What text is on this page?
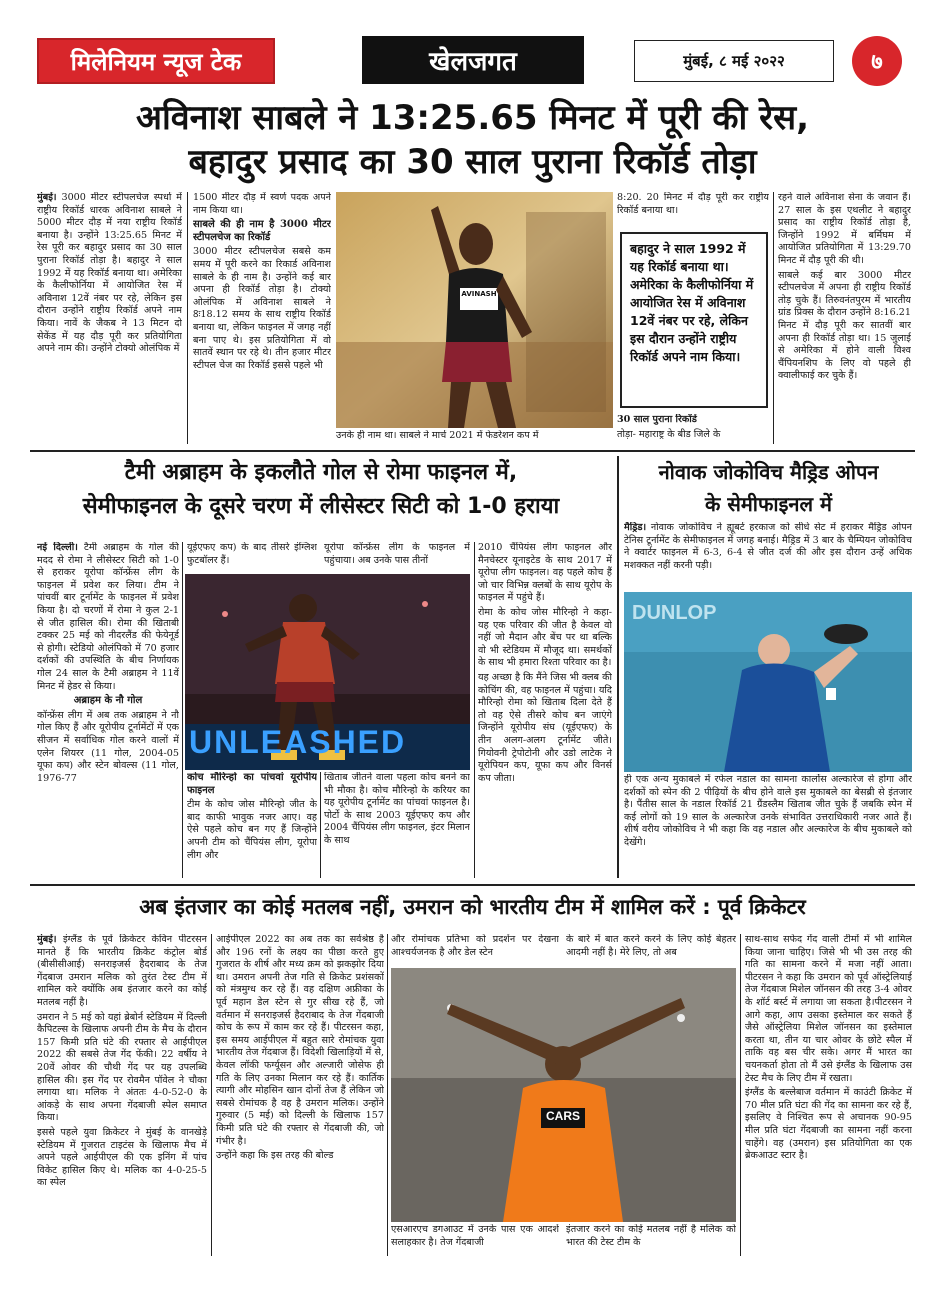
मिलेनियम न्यूज टेक	खेलजगत	मुंबई, ८ मई २०२२	७
अविनाश साबले ने 13:25.65 मिनट में पूरी की रेस,
बहादुर प्रसाद का 30 साल पुराना रिकॉर्ड तोड़ा

मुंबई। 3000 मीटर स्टीपलचेज स्पर्धा में राष्ट्रीय रिकॉर्ड धारक अविनाश साबले ने 5000 मीटर दौड़ में नया राष्ट्रीय रिकॉर्ड बनाया है। उन्होंने 13:25.65 मिनट में रेस पूरी कर बहादुर प्रसाद का 30 साल पुराना रिकॉर्ड तोड़ा है। बहादुर ने साल 1992 में यह रिकॉर्ड बनाया था। अमेरिका के कैलीफोर्निया में आयोजित रेस में अविनाश 12वें नंबर पर रहे, लेकिन इस दौरान उन्होंने राष्ट्रीय रिकॉर्ड अपने नाम किया। नावें के जैकब ने 13 मिटन दो सेकेंड में यह दौड़ पूरी कर प्रतियोगिता अपने नाम की। उन्होंने टोक्यो ओलंपिक में

1500 मीटर दौड़ में स्वर्ण पदक अपने नाम किया था।

साबले की ही नाम है 3000 मीटर स्टीपलचेज का रिकॉर्ड

3000 मीटर स्टीपलचेज सबसे कम समय में पूरी करने का रिकार्ड अविनाश साबले के ही नाम है। उन्होंने कई बार अपना ही रिकॉर्ड तोड़ा है। टोक्यो ओलंपिक में अविनाश साबले ने 8ः18.12 समय के साथ राष्ट्रीय रिकॉर्ड बनाया था, लेकिन फाइनल में जगह नहीं बना पाए थे। इस प्रतियोगिता में वो सातवें स्थान पर रहे थे। तीन हजार मीटर स्टीपल चेज का रिकॉर्ड इससे पहले भी

AVINASH
उनके ही नाम था। साबले ने मार्च 2021 में फेडरेशन कप में

8:20. 20 मिनट में दौड़ पूरी कर राष्ट्रीय रिकॉर्ड बनाया था।

बहादुर ने साल 1992 में यह रिकॉर्ड बनाया था। अमेरिका के कैलीफोर्निया में आयोजित रेस में अविनाश 12वें नंबर पर रहे, लेकिन इस दौरान उन्होंने राष्ट्रीय रिकॉर्ड अपने नाम किया।

30 साल पुराना रिकॉर्ड

तोड़ा- महाराष्ट्र के बीड जिले के

रहने वाले अविनाश सेना के जवान हैं। 27 साल के इस एथलीट ने बहादुर प्रसाद का राष्ट्रीय रिकॉर्ड तोड़ा है, जिन्होंने 1992 में बर्मिघम में आयोजित प्रतियोगिता में 13:29.70 मिनट में दौड़ पूरी की थी।

साबले कई बार 3000 मीटर स्टीपलचेज में अपना ही राष्ट्रीय रिकॉर्ड तोड़ चुके हैं। तिरुवनंतपुरम में भारतीय ग्रांड प्रिक्स के दौरान उन्होंने 8:16.21 मिनट में दौड़ पूरी कर सातवीं बार अपना ही रिकॉर्ड तोड़ा था। 15 जुलाई से अमेरिका में होने वाली विश्व चैंपियनशिप के लिए वो पहले ही क्वालीफाई कर चुके हैं।

टैमी अब्राहम के इकलौते गोल से रोमा फाइनल में,
सेमीफाइनल के दूसरे चरण में लीसेस्टर सिटी को 1-0 हराया

नई दिल्ली। टैमी अब्राहम के गोल की मदद से रोमा ने लीसेस्टर सिटी को 1-0 से हराकर यूरोपा कॉन्फ्रेंस लीग के फाइनल में प्रवेश कर लिया। टीम ने पांचवीं बार टूर्नामेंट के फाइनल में प्रवेश किया है। दो चरणों में रोमा ने कुल 2-1 से जीत हासिल की। रोमा की खिताबी टक्कर 25 मई को नीदरलैंड की फेयेनूर्ड से होगी। स्टेडियो ओलंपिको में 70 हजार दर्शकों की उपस्थिति के बीच निर्णायक गोल 24 साल के टैमी अब्राहम ने 11वें मिनट में हेडर से किया।

अब्राहम के नौ गोल

कॉन्फ्रेंस लीग में अब तक अब्राहम ने नौ गोल किए हैं और यूरोपीय टूर्नामेंटों में एक सीजन में सर्वाधिक गोल करने वालों में एलेन शियरर (11 गोल, 2004-05 यूफा कप) और स्टेन बोवल्स (11 गोल, 1976-77

यूईएफए कप) के बाद तीसरे इंग्लिश फुटबॉलर हैं।

यूरोपा कॉन्फ्रेंस लीग के फाइनल में पहुंचाया। अब उनके पास तीनों

UNLEASHED

कोच मौरिन्हो का पांचवां यूरोपीय फाइनल

टीम के कोच जोस मौरिन्हो जीत के बाद काफी भावुक नजर आए। वह ऐसे पहले कोच बन गए हैं जिन्होंने अपनी टीम को चैंपियंस लीग, यूरोपा लीग और

खिताब जीतने वाला पहला कोच बनने का भी मौका है। कोच मौरिन्हो के करियर का यह यूरोपीय टूर्नामेंट का पांचवां फाइनल है। पोर्टो के साथ 2003 यूईएफए कप और 2004 चैंपियंस लीग फाइनल, इंटर मिलान के साथ

2010 चैंपियंस लीग फाइनल और मैनचेस्टर यूनाइटेड के साथ 2017 में यूरोपा लीग फाइनल। वह पहले कोच हैं जो चार विभिन्न क्लबों के साथ यूरोप के फाइनल में पहुंचे हैं।

रोमा के कोच जोस मौरिन्हो ने कहा- यह एक परिवार की जीत है केवल वो नहीं जो मैदान और बेंच पर था बल्कि वो भी स्टेडियम में मौजूद था। समर्थकों के साथ भी हमारा रिश्ता परिवार का है।

यह अच्छा है कि मैंने जिस भी क्लब की कोचिंग की, वह फाइनल में पहुंचा। यदि मौरिन्हो रोमा को खिताब दिला देते हैं तो वह ऐसे तीसरे कोच बन जाएंगे जिन्होंने यूरोपीय संघ (यूईएफए) के तीन अलग-अलग टूर्नामेंट जीते। गियोवनी ट्रेपोटोनी और उडो लाटेक ने यूरोपियन कप, यूफा कप और विनर्स कप जीता।

नोवाक जोकोविच मैड्रिड ओपन
के सेमीफाइनल में

मैड्रिड। नोवाक जोकोविच ने ह्यूबर्ट हरकाज को सीधे सेट में हराकर मैड्रिड ओपन टेनिस टूर्नामेंट के सेमीफाइनल में जगह बनाई। मैड्रिड में 3 बार के चैम्पियन जोकोविच ने क्वार्टर फाइनल में 6-3, 6-4 से जीत दर्ज की और इस दौरान उन्हें अधिक मशक्कत नहीं करनी पड़ी।

DUNLOP

ही एक अन्य मुकाबले में रफेल नडाल का सामना कार्लोस अल्कारेज से होगा और दर्शकों को स्पेन की 2 पीढ़ियों के बीच होने वाले इस मुकाबले का बेसब्री से इंतजार है। पैंतीस साल के नडाल रिकॉर्ड 21 ग्रैंडस्लैम खिताब जीत चुके हैं जबकि स्पेन में कई लोगों को 19 साल के अल्कारेज उनके संभावित उत्तराधिकारी नजर आते हैं। शीर्ष वरीय जोकोविच ने भी कहा कि वह नडाल और अल्कारेज के बीच मुकाबले को देखेंगे।

अब इंतजार का कोई मतलब नहीं, उमरान को भारतीय टीम में शामिल करें : पूर्व क्रिकेटर

मुंबई। इंग्लैंड के पूर्व क्रिकेटर केविन पीटरसन मानते हैं कि भारतीय क्रिकेट कंट्रोल बोर्ड (बीसीसीआई) सनराइजर्स हैदराबाद के तेज गेंदबाज उमरान मलिक को तुरंत टेस्ट टीम में शामिल करे क्योंकि अब इंतजार करने का कोई मतलब नहीं है।

उमरान ने 5 मई को यहां ब्रेबोर्न स्टेडियम में दिल्ली कैपिटल्स के खिलाफ अपनी टीम के मैच के दौरान 157 किमी प्रति घंटे की रफ्तार से आईपीएल 2022 की सबसे तेज गेंद फेंकी। 22 वर्षीय ने 20वें ओवर की चौथी गेंद पर यह उपलब्धि हासिल की। इस गेंद पर रोवमैन पॉवेल ने चौका लगाया था। मलिक ने अंततः 4-0-52-0 के आंकड़े के साथ अपना गेंदबाजी स्पेल समाप्त किया।

इससे पहले युवा क्रिकेटर ने मुंबई के वानखेड़े स्टेडियम में गुजरात टाइटंस के खिलाफ मैच में अपने पहले आईपीएल की एक इनिंग में पांच विकेट हासिल किए थे। मलिक का 4-0-25-5 का स्पेल

आईपीएल 2022 का अब तक का सर्वश्रेष्ठ है और 196 रनों के लक्ष्य का पीछा करते हुए गुजरात के शीर्ष और मध्य क्रम को झकझोर दिया था। उमरान अपनी तेज गति से क्रिकेट प्रशंसकों को मंत्रमुग्ध कर रहे हैं। वह दक्षिण अफ्रीका के पूर्व महान डेल स्टेन से गुर सीख रहे हैं, जो वर्तमान में सनराइजर्स हैदराबाद के तेज गेंदबाजी कोच के रूप में काम कर रहे हैं। पीटरसन कहा, इस समय आईपीएल में बहुत सारे रोमांचक युवा भारतीय तेज गेंदबाज हैं। विदेशी खिलाड़ियों में से, केवल लॉकी फर्ग्यूसन और अल्जारी जोसेफ ही गति के लिए उनका मिलान कर रहे हैं। कार्तिक त्यागी और मोहसिन खान दोनों तेज हैं लेकिन जो सबसे रोमांचक है वह है उमरान मलिक। उन्होंने गुरुवार (5 मई) को दिल्ली के खिलाफ 157 किमी प्रति घंटे की रफ्तार से गेंदबाजी की, जो गंभीर है।

उन्होंने कहा कि इस तरह की बोल्ड

और रोमांचक प्रतिभा को प्रदर्शन पर देखना आश्चर्यजनक है और डेल स्टेन

के बारे में बात करने करने के लिए कोई बेहतर आदमी नहीं है। मेरे लिए, तो अब

CARS

एसआरएच डगआउट में उनके पास एक आदर्श सलाहकार है। तेज गेंदबाजी

इंतजार करने का कोई मतलब नहीं है मलिक को भारत की टेस्ट टीम के

साथ-साथ सफेद गेंद वाली टीमों में भी शामिल किया जाना चाहिए। जिसे भी भी उस तरह की गति का सामना करने में मजा नहीं आता। पीटरसन ने कहा कि उमरान को पूर्व ऑस्ट्रेलियाई तेज गेंदबाज मिशेल जॉनसन की तरह 3-4 ओवर के शॉर्ट बर्स्ट में लगाया जा सकता है।पीटरसन ने आगे कहा, आप उसका इस्तेमाल कर सकते हैं जैसे ऑस्ट्रेलिया मिशेल जॉनसन का इस्तेमाल करता था, तीन या चार ओवर के छोटे स्पैल में ताकि वह बस चीर सके। अगर मैं भारत का चयनकर्ता होता तो मैं उसे इंग्लैंड के खिलाफ उस टेस्ट मैच के लिए टीम में रखता।

इंग्लैंड के बल्लेबाज वर्तमान में काउंटी क्रिकेट में 70 मील प्रति घंटा की गेंद का सामना कर रहे हैं, इसलिए वे निश्चित रूप से अचानक 90-95 मील प्रति घंटा गेंदबाजी का सामना नहीं करना चाहेंगे। वह (उमरान) इस प्रतियोगिता का एक ब्रेकआउट स्टार है।
